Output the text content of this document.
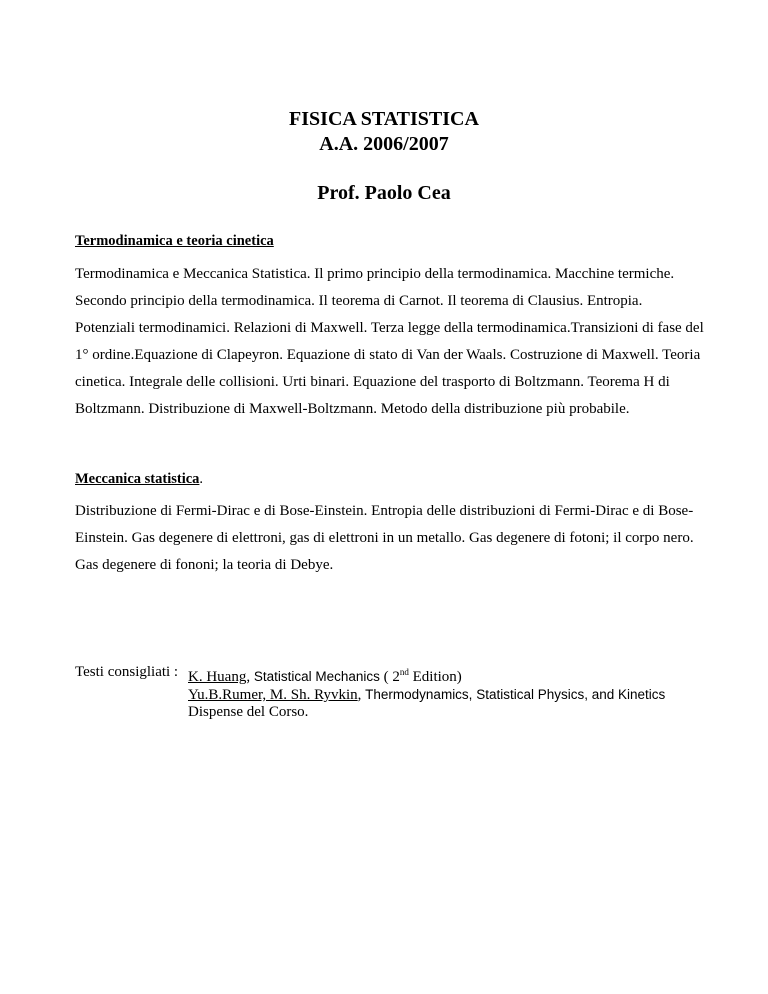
FISICA STATISTICA
A.A. 2006/2007
Prof. Paolo Cea
Termodinamica e teoria cinetica
Termodinamica e Meccanica Statistica. Il primo principio della termodinamica. Macchine termiche. Secondo principio della termodinamica. Il teorema di Carnot. Il teorema di Clausius. Entropia. Potenziali termodinamici. Relazioni di Maxwell. Terza legge della termodinamica.Transizioni di fase del 1° ordine.Equazione di Clapeyron. Equazione di stato di Van der Waals. Costruzione di Maxwell. Teoria cinetica. Integrale delle collisioni. Urti binari. Equazione del trasporto di Boltzmann. Teorema H di Boltzmann. Distribuzione di Maxwell-Boltzmann. Metodo della distribuzione più probabile.
Meccanica statistica.
Distribuzione di Fermi-Dirac e di Bose-Einstein. Entropia delle distribuzioni di Fermi-Dirac e di Bose-Einstein. Gas degenere di elettroni, gas di elettroni in un metallo. Gas degenere di fotoni; il corpo nero. Gas degenere di fononi; la teoria di Debye.
Testi consigliati : K. Huang, Statistical Mechanics ( 2nd Edition)
Yu.B.Rumer, M. Sh. Ryvkin, Thermodynamics, Statistical Physics, and Kinetics
Dispense del Corso.
